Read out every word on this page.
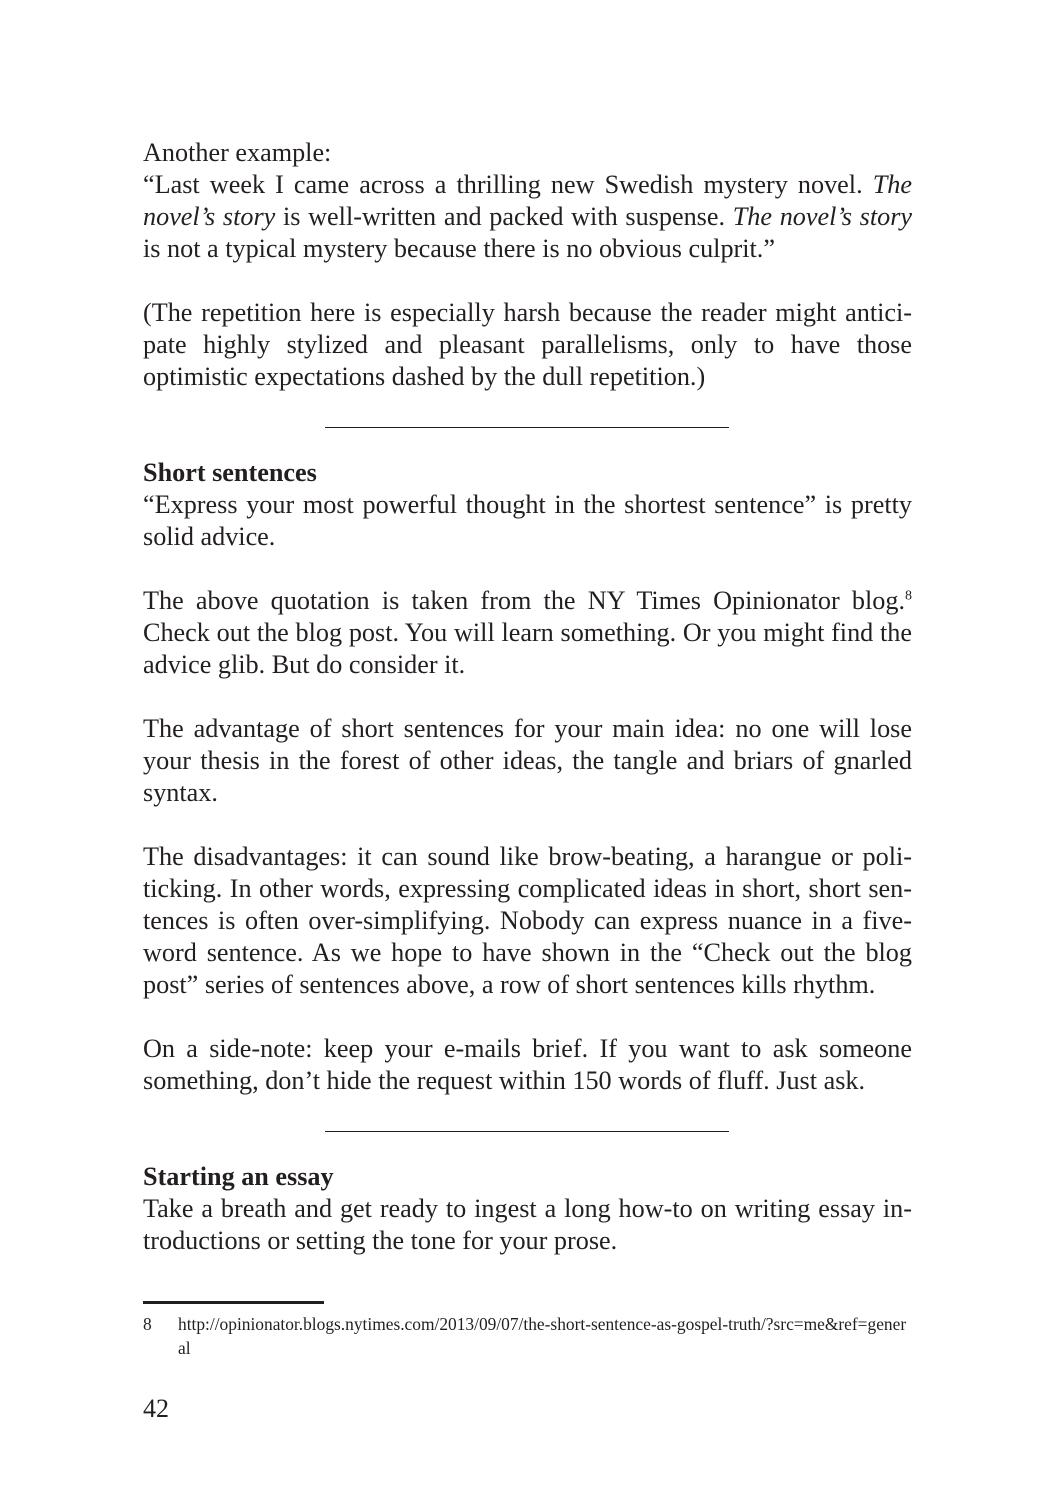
Another example:

“Last week I came across a thrilling new Swedish mystery novel. The novel’s story is well-written and packed with suspense. The novel’s story is not a typical mystery because there is no obvious culprit.”

(The repetition here is especially harsh because the reader might anticipate highly stylized and pleasant parallelisms, only to have those optimistic expectations dashed by the dull repetition.)

Short sentences

“Express your most powerful thought in the shortest sentence” is pretty solid advice.

The above quotation is taken from the NY Times Opinionator blog.$^8$ Check out the blog post. You will learn something. Or you might find the advice glib. But do consider it.

The advantage of short sentences for your main idea: no one will lose your thesis in the forest of other ideas, the tangle and briars of gnarled syntax.

The disadvantages: it can sound like brow-beating, a harangue or politicking. In other words, expressing complicated ideas in short, short sentences is often over-simplifying. Nobody can express nuance in a five-word sentence. As we hope to have shown in the “Check out the blog post” series of sentences above, a row of short sentences kills rhythm.

On a side-note: keep your e-mails brief. If you want to ask someone something, don’t hide the request within 150 words of fluff. Just ask.

Starting an essay

Take a breath and get ready to ingest a long how-to on writing essay introductions or setting the tone for your prose.

8	http://opinionator.blogs.nytimes.com/2013/09/07/the-short-sentence-as-gospel-truth/?src=me&ref=general
42
